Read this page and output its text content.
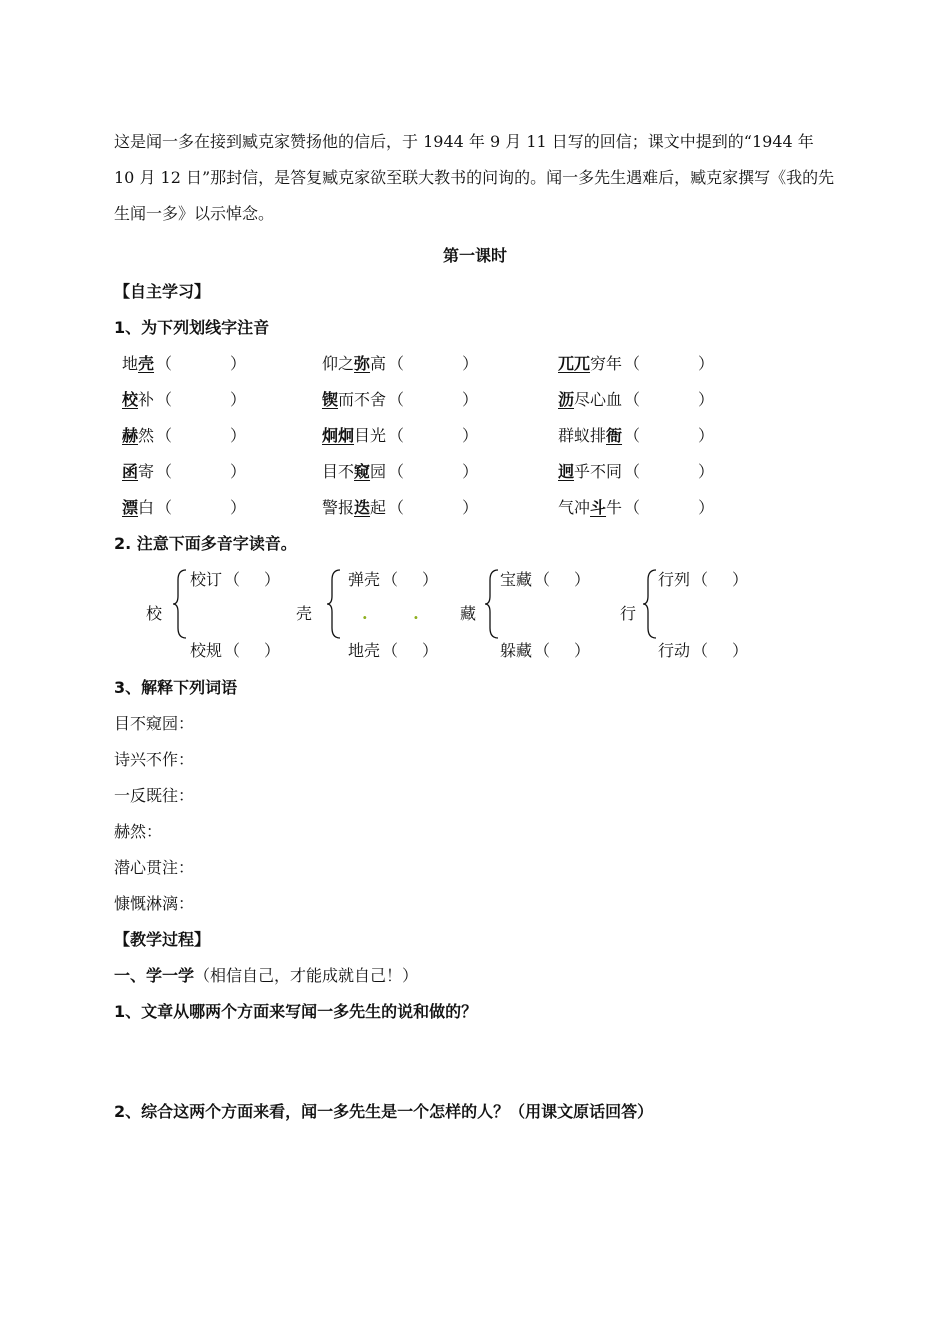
这是闻一多在接到臧克家赞扬他的信后，于 1944 年 9 月 11 日写的回信；课文中提到的“1944 年 10 月 12 日”那封信，是答复臧克家欲至联大教书的问询的。闻一多先生遇难后，臧克家撰写《我的先生闻一多》以示悼念。
第一课时
【自主学习】
1、为下列划线字注音
地壳 （	）	仰之弥高 （	）	兀兀穷年 （	）
校补 （	）	锲而不舍 （	）	沥尽心血 （	）
赫然 （	）	炯炯目光 （	）	群蚁排衙 （	）
函寄 （	）	目不窥园 （	）	迥乎不同 （	）
漂白 （	）	警报迭起 （	）	气冲斗牛 （	）
2. 注意下面多音字读音。
. .
校
校订 （ ）
校规 （ ）
壳
弹壳 （ ）
地壳 （ ）
藏
宝藏 （ ）
躲藏 （ ）
行
行列 （ ）
行动 （ ）
3、解释下列词语
目不窥园：
诗兴不作：
一反既往：
赫然：
潜心贯注：
慷慨淋漓：
【教学过程】
一、学一学（相信自己，才能成就自己！）
1、文章从哪两个方面来写闻一多先生的说和做的？
2、综合这两个方面来看，闻一多先生是一个怎样的人？（用课文原话回答）
